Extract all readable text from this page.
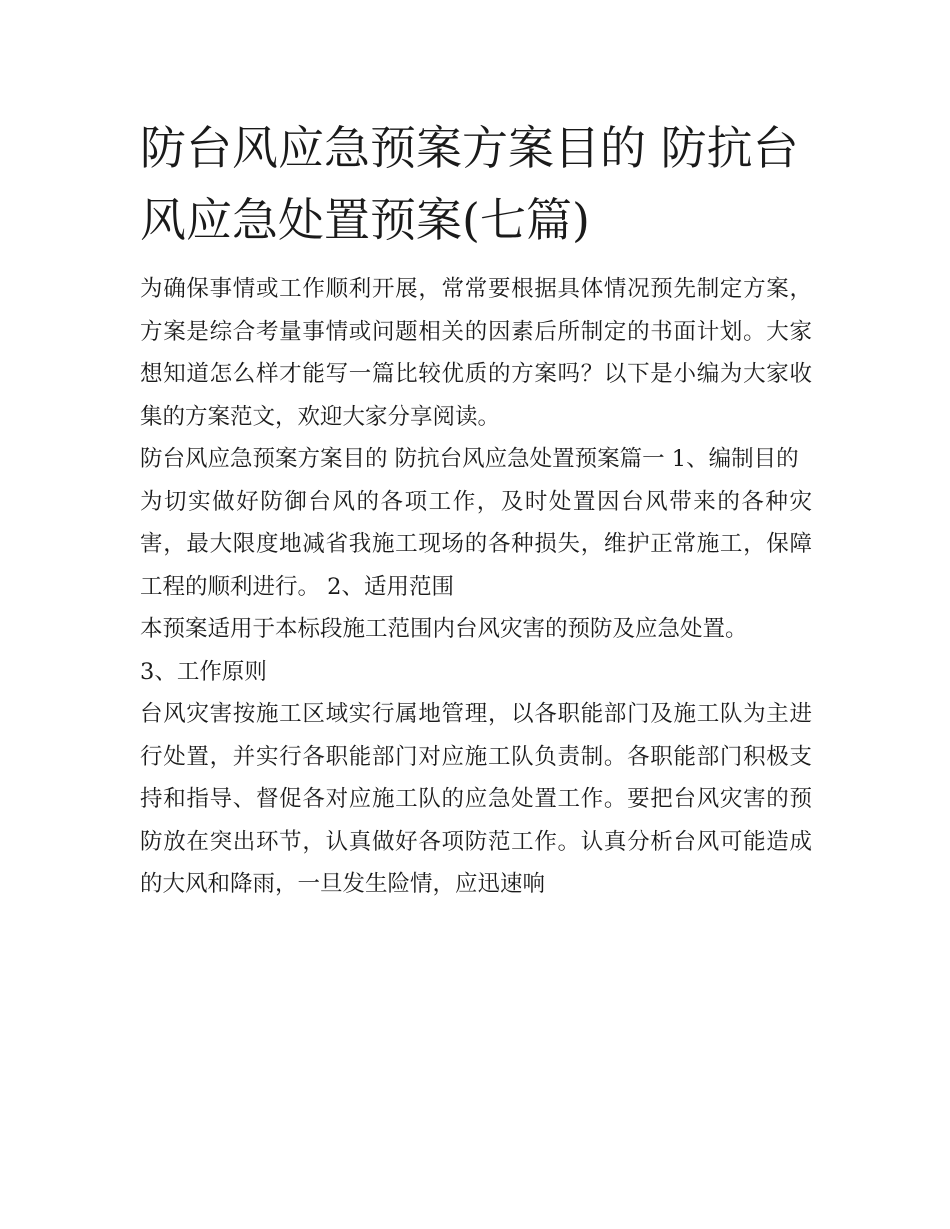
防台风应急预案方案目的 防抗台风应急处置预案(七篇)

为确保事情或工作顺利开展，常常要根据具体情况预先制定方案，方案是综合考量事情或问题相关的因素后所制定的书面计划。大家想知道怎么样才能写一篇比较优质的方案吗？以下是小编为大家收集的方案范文，欢迎大家分享阅读。

防台风应急预案方案目的 防抗台风应急处置预案篇一 1、编制目的

为切实做好防御台风的各项工作，及时处置因台风带来的各种灾害，最大限度地减省我施工现场的各种损失，维护正常施工，保障工程的顺利进行。 2、适用范围

本预案适用于本标段施工范围内台风灾害的预防及应急处置。

3、工作原则

台风灾害按施工区域实行属地管理，以各职能部门及施工队为主进行处置，并实行各职能部门对应施工队负责制。各职能部门积极支持和指导、督促各对应施工队的应急处置工作。要把台风灾害的预防放在突出环节，认真做好各项防范工作。认真分析台风可能造成的大风和降雨，一旦发生险情，应迅速响
